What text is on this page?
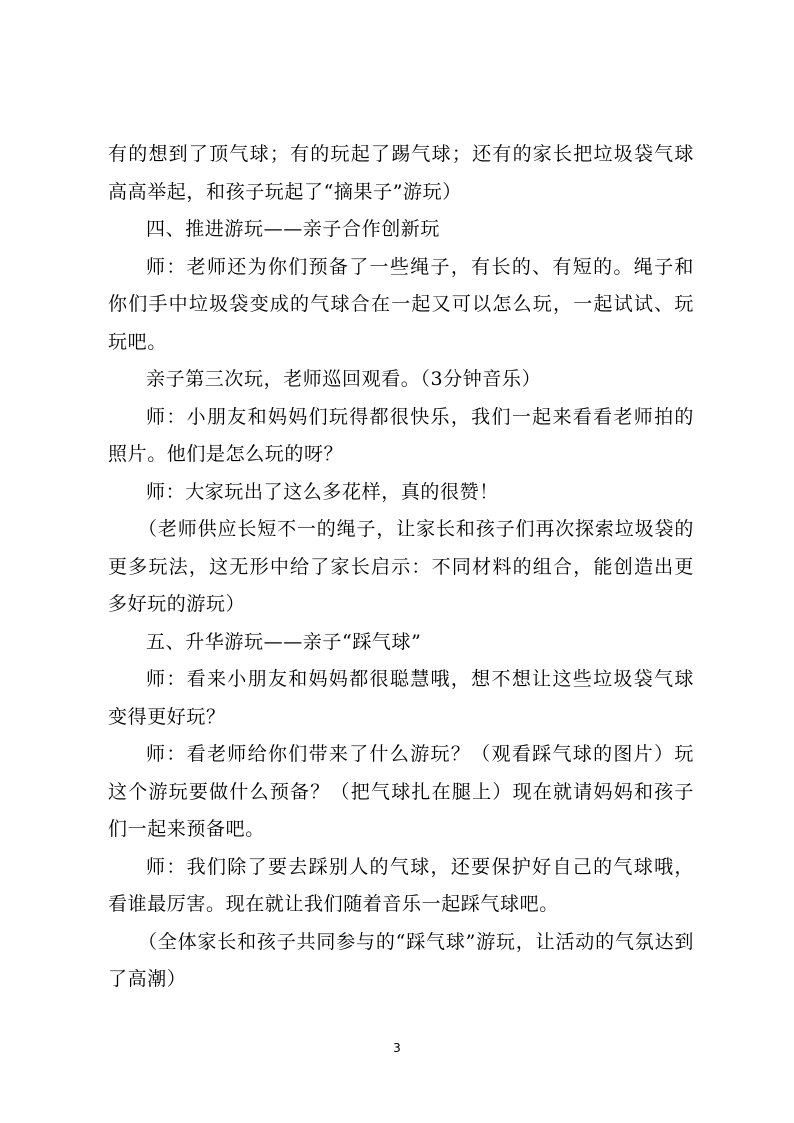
有的想到了顶气球；有的玩起了踢气球；还有的家长把垃圾袋气球高高举起，和孩子玩起了“摘果子”游玩）

四、推进游玩——亲子合作创新玩

师：老师还为你们预备了一些绳子，有长的、有短的。绳子和你们手中垃圾袋变成的气球合在一起又可以怎么玩，一起试试、玩玩吧。

亲子第三次玩，老师巡回观看。（3分钟音乐）

师：小朋友和妈妈们玩得都很快乐，我们一起来看看老师拍的照片。他们是怎么玩的呀？

师：大家玩出了这么多花样，真的很赞！

（老师供应长短不一的绳子，让家长和孩子们再次探索垃圾袋的更多玩法，这无形中给了家长启示：不同材料的组合，能创造出更多好玩的游玩）

五、升华游玩——亲子“踩气球”

师：看来小朋友和妈妈都很聪慧哦，想不想让这些垃圾袋气球变得更好玩？

师：看老师给你们带来了什么游玩？（观看踩气球的图片）玩这个游玩要做什么预备？（把气球扎在腿上）现在就请妈妈和孩子们一起来预备吧。

师：我们除了要去踩别人的气球，还要保护好自己的气球哦，看谁最厉害。现在就让我们随着音乐一起踩气球吧。

（全体家长和孩子共同参与的“踩气球”游玩，让活动的气氛达到了高潮）

3
